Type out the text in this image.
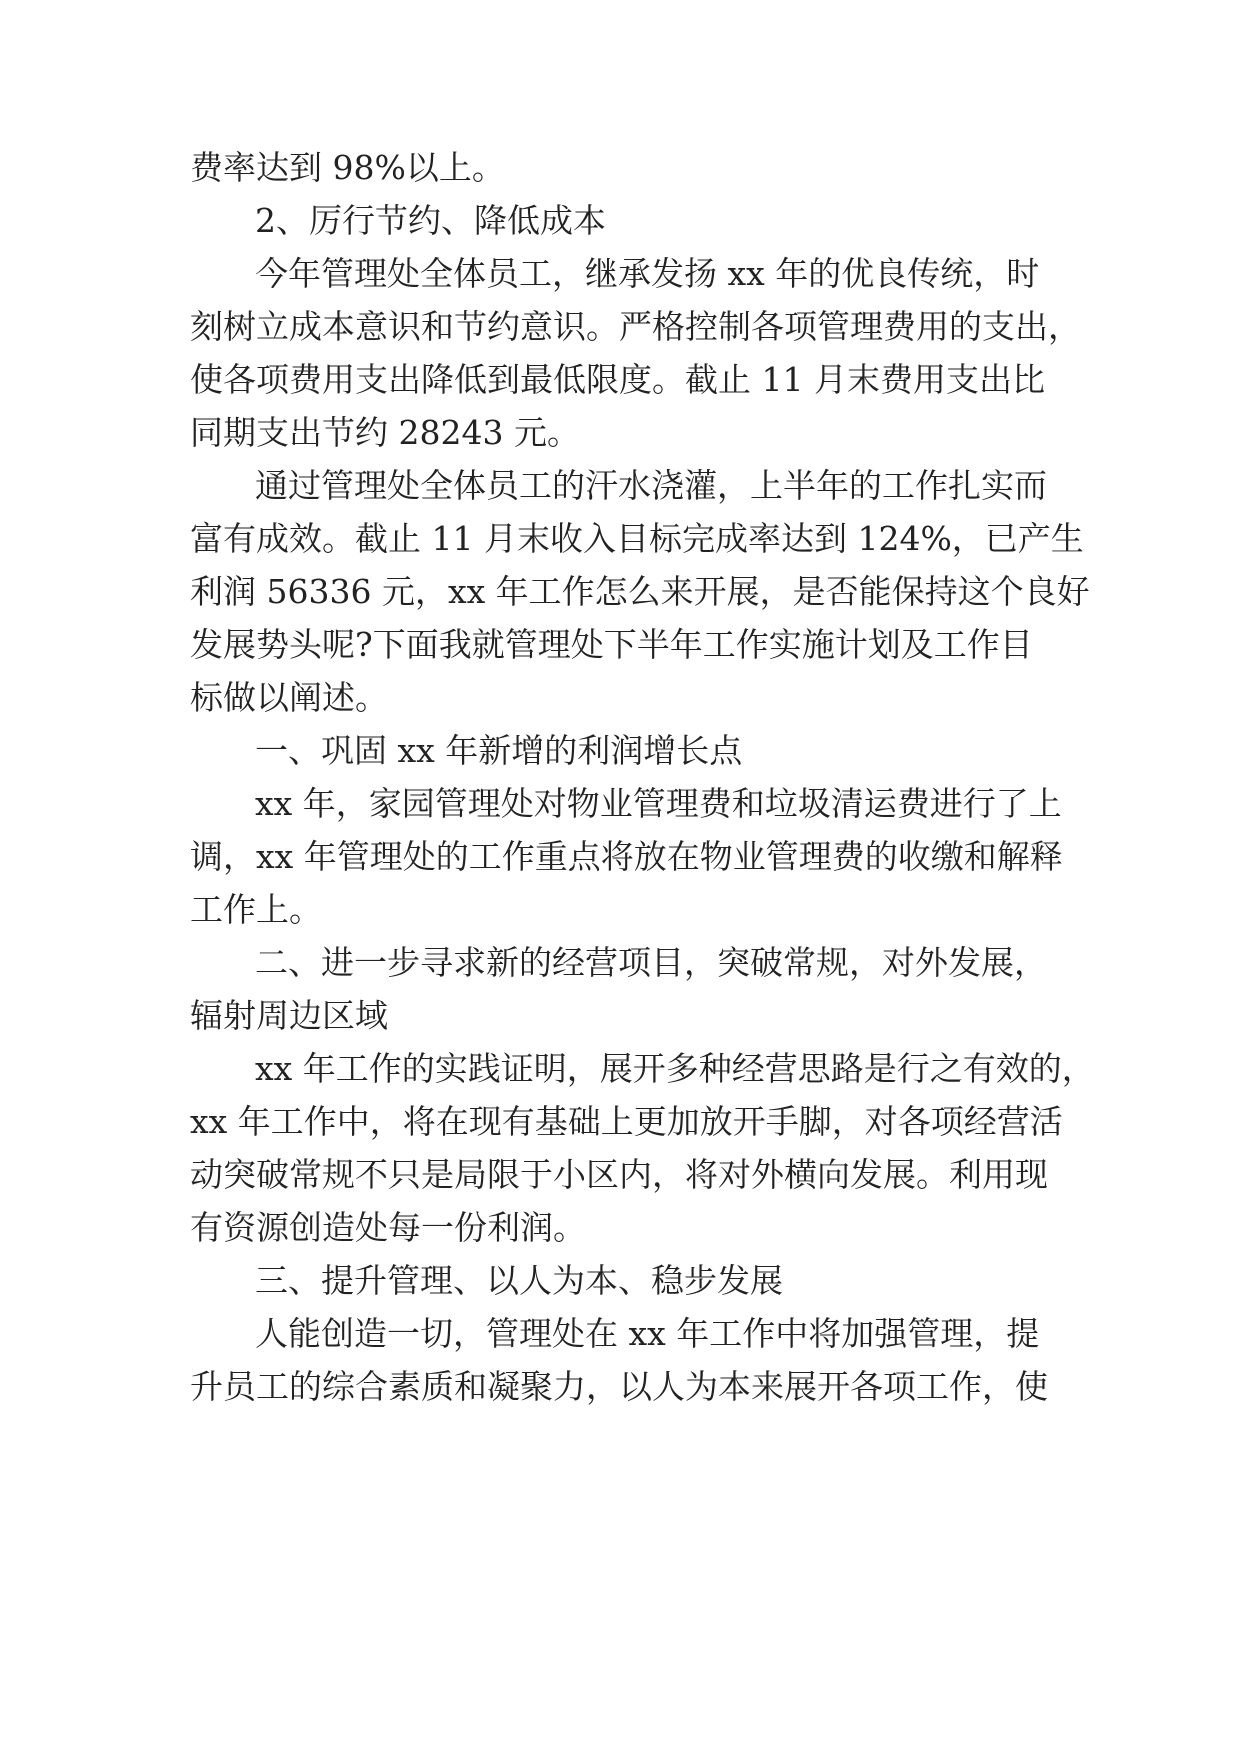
费率达到 98%以上。

2、厉行节约、降低成本

今年管理处全体员工，继承发扬 xx 年的优良传统，时

刻树立成本意识和节约意识。严格控制各项管理费用的支出，

使各项费用支出降低到最低限度。截止 11 月末费用支出比

同期支出节约 28243 元。

通过管理处全体员工的汗水浇灌，上半年的工作扎实而

富有成效。截止 11 月末收入目标完成率达到 124%，已产生

利润 56336 元，xx 年工作怎么来开展，是否能保持这个良好

发展势头呢?下面我就管理处下半年工作实施计划及工作目

标做以阐述。

一、巩固 xx 年新增的利润增长点

xx 年，家园管理处对物业管理费和垃圾清运费进行了上

调，xx 年管理处的工作重点将放在物业管理费的收缴和解释

工作上。

二、进一步寻求新的经营项目，突破常规，对外发展，

辐射周边区域

xx 年工作的实践证明，展开多种经营思路是行之有效的，

xx 年工作中，将在现有基础上更加放开手脚，对各项经营活

动突破常规不只是局限于小区内，将对外横向发展。利用现

有资源创造处每一份利润。

三、提升管理、以人为本、稳步发展

人能创造一切，管理处在 xx 年工作中将加强管理，提

升员工的综合素质和凝聚力，以人为本来展开各项工作，使
